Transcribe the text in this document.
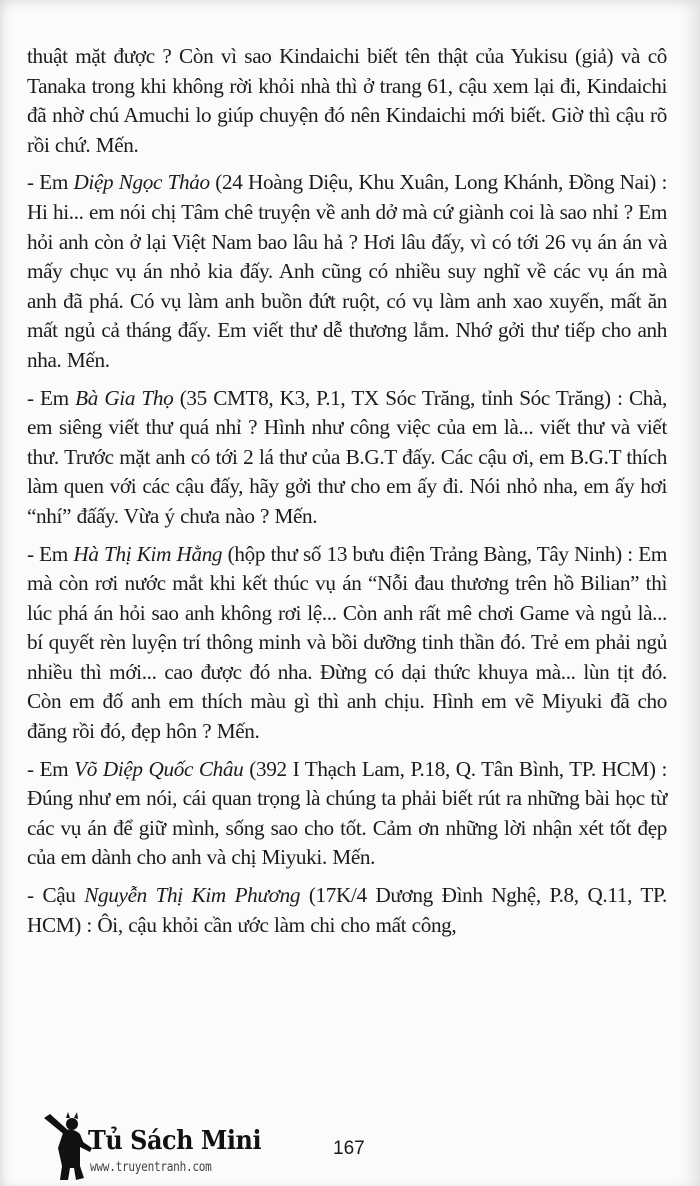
thuật mặt được ? Còn vì sao Kindaichi biết tên thật của Yukisu (giả) và cô Tanaka trong khi không rời khỏi nhà thì ở trang 61, cậu xem lại đi, Kindaichi đã nhờ chú Amuchi lo giúp chuyện đó nên Kindaichi mới biết. Giờ thì cậu rõ rồi chứ. Mến.

- Em Diệp Ngọc Thảo (24 Hoàng Diệu, Khu Xuân, Long Khánh, Đồng Nai) : Hi hi... em nói chị Tâm chê truyện về anh dở mà cứ giành coi là sao nhỉ ? Em hỏi anh còn ở lại Việt Nam bao lâu hả ? Hơi lâu đấy, vì có tới 26 vụ án án và mấy chục vụ án nhỏ kia đấy. Anh cũng có nhiều suy nghĩ về các vụ án mà anh đã phá. Có vụ làm anh buồn đứt ruột, có vụ làm anh xao xuyến, mất ăn mất ngủ cả tháng đấy. Em viết thư dễ thương lắm. Nhớ gởi thư tiếp cho anh nha. Mến.

- Em Bà Gia Thọ (35 CMT8, K3, P.1, TX Sóc Trăng, tỉnh Sóc Trăng) : Chà, em siêng viết thư quá nhỉ ? Hình như công việc của em là... viết thư và viết thư. Trước mặt anh có tới 2 lá thư của B.G.T đấy. Các cậu ơi, em B.G.T thích làm quen với các cậu đấy, hãy gởi thư cho em ấy đi. Nói nhỏ nha, em ấy hơi “nhí” đấấy. Vừa ý chưa nào ? Mến.

- Em Hà Thị Kim Hằng (hộp thư số 13 bưu điện Trảng Bàng, Tây Ninh) : Em mà còn rơi nước mắt khi kết thúc vụ án “Nỗi đau thương trên hồ Bilian” thì lúc phá án hỏi sao anh không rơi lệ... Còn anh rất mê chơi Game và ngủ là... bí quyết rèn luyện trí thông minh và bồi dưỡng tinh thần đó. Trẻ em phải ngủ nhiều thì mới... cao được đó nha. Đừng có dại thức khuya mà... lùn tịt đó. Còn em đố anh em thích màu gì thì anh chịu. Hình em vẽ Miyuki đã cho đăng rồi đó, đẹp hôn ? Mến.

- Em Võ Diệp Quốc Châu (392 I Thạch Lam, P.18, Q. Tân Bình, TP. HCM) : Đúng như em nói, cái quan trọng là chúng ta phải biết rút ra những bài học từ các vụ án để giữ mình, sống sao cho tốt. Cảm ơn những lời nhận xét tốt đẹp của em dành cho anh và chị Miyuki. Mến.

- Cậu Nguyễn Thị Kim Phương (17K/4 Dương Đình Nghệ, P.8, Q.11, TP. HCM) : Ôi, cậu khỏi cần ước làm chi cho mất công,

Tủ Sách Mini
www.truyentranh.com
167
